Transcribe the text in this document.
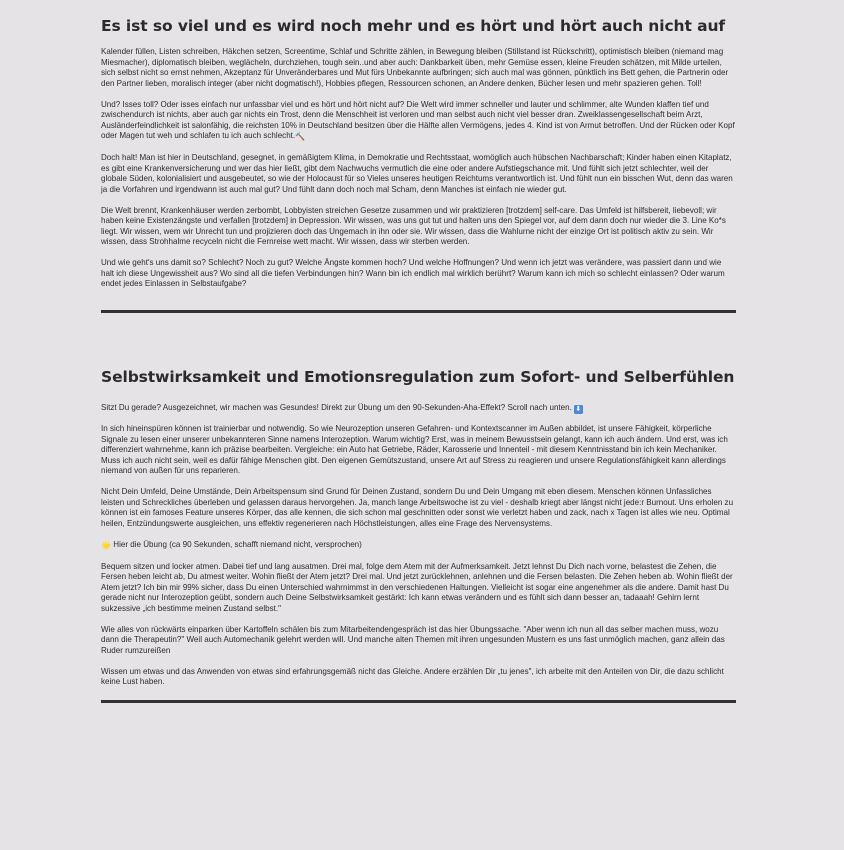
Es ist so viel und es wird noch mehr und es hört und hört auch nicht auf

Kalender füllen, Listen schreiben, Häkchen setzen, Screentime, Schlaf und Schritte zählen, in Bewegung bleiben (Stillstand ist Rückschritt), optimistisch bleiben (niemand mag Miesmacher), diplomatisch bleiben, weglächeln, durchziehen, tough sein..und aber auch: Dankbarkeit üben, mehr Gemüse essen, kleine Freuden schätzen, mit Milde urteilen, sich selbst nicht so ernst nehmen, Akzeptanz für Unveränderbares und Mut fürs Unbekannte aufbringen; sich auch mal was gönnen, pünktlich ins Bett gehen, die Partnerin oder den Partner lieben, moralisch integer (aber nicht dogmatisch!), Hobbies pflegen, Ressourcen schonen, an Andere denken, Bücher lesen und mehr spazieren gehen. Toll!

Und? Isses toll? Oder isses einfach nur unfassbar viel und es hört und hört nicht auf? Die Welt wird immer schneller und lauter und schlimmer, alte Wunden klaffen tief und zwischendurch ist nichts, aber auch gar nichts ein Trost, denn die Menschheit ist verloren und man selbst auch nicht viel besser dran. Zweiklassengesellschaft beim Arzt, Ausländerfeindlichkeit ist salonfähig, die reichsten 10% in Deutschland besitzen über die Hälfte allen Vermögens, jedes 4. Kind ist von Armut betroffen. Und der Rücken oder Kopf oder Magen tut weh und schlafen tu ich auch schlecht.🔨

Doch halt! Man ist hier in Deutschland, gesegnet, in gemäßigtem Klima, in Demokratie und Rechtsstaat, womöglich auch hübschen Nachbarschaft; Kinder haben einen Kitaplatz, es gibt eine Krankenversicherung und wer das hier ließt, gibt dem Nachwuchs vermutlich die eine oder andere Aufstiegschance mit. Und fühlt sich jetzt schlechter, weil der globale Süden, kolonialisiert und ausgebeutet, so wie der Holocaust für so Vieles unseres heutigen Reichtums verantwortlich ist. Und fühlt nun ein bisschen Wut, denn das waren ja die Vorfahren und irgendwann ist auch mal gut? Und fühlt dann doch noch mal Scham, denn Manches ist einfach nie wieder gut.

Die Welt brennt, Krankenhäuser werden zerbombt, Lobbyisten streichen Gesetze zusammen und wir praktizieren [trotzdem] self-care. Das Umfeld ist hilfsbereit, liebevoll; wir haben keine Existenzängste und verfallen [trotzdem] in Depression. Wir wissen, was uns gut tut und halten uns den Spiegel vor, auf dem dann doch nur wieder die 3. Line Ko*s liegt. Wir wissen, wem wir Unrecht tun und projizieren doch das Ungemach in ihn oder sie. Wir wissen, dass die Wahlurne nicht der einzige Ort ist politisch aktiv zu sein. Wir wissen, dass Strohhalme recyceln nicht die Fernreise wett macht. Wir wissen, dass wir sterben werden.

Und wie geht's uns damit so? Schlecht? Noch zu gut? Welche Ängste kommen hoch? Und welche Hoffnungen? Und wenn ich jetzt was verändere, was passiert dann und wie halt ich diese Ungewissheit aus? Wo sind all die tiefen Verbindungen hin? Wann bin ich endlich mal wirklich berührt? Warum kann ich mich so schlecht einlassen? Oder warum endet jedes Einlassen in Selbstaufgabe?

Selbstwirksamkeit und Emotionsregulation zum Sofort- und Selberfühlen

Sitzt Du gerade? Ausgezeichnet, wir machen was Gesundes! Direkt zur Übung um den 90-Sekunden-Aha-Effekt? Scroll nach unten. ⬇

In sich hineinspüren können ist trainierbar und notwendig. So wie Neurozeption unseren Gefahren- und Kontextscanner im Außen abbildet, ist unsere Fähigkeit, körperliche Signale zu lesen einer unserer unbekannteren Sinne namens Interozeption. Warum wichtig? Erst, was in meinem Bewusstsein gelangt, kann ich auch ändern. Und erst, was ich differenziert wahrnehme, kann ich präzise bearbeiten. Vergleiche: ein Auto hat Getriebe, Räder, Karosserie und Innenteil - mit diesem Kenntnisstand bin ich kein Mechaniker. Muss ich auch nicht sein, weil es dafür fähige Menschen gibt. Den eigenen Gemütszustand, unsere Art auf Stress zu reagieren und unsere Regulationsfähigkeit kann allerdings niemand von außen für uns reparieren.

Nicht Dein Umfeld, Deine Umstände, Dein Arbeitspensum sind Grund für Deinen Zustand, sondern Du und Dein Umgang mit eben diesem. Menschen können Unfassliches leisten und Schreckliches überleben und gelassen daraus hervorgehen. Ja, manch lange Arbeitswoche ist zu viel - deshalb kriegt aber längst nicht jede:r Burnout. Uns erholen zu können ist ein famoses Feature unseres Körper, das alle kennen, die sich schon mal geschnitten oder sonst wie verletzt haben und zack, nach x Tagen ist alles wie neu. Optimal heilen, Entzündungswerte ausgleichen, uns effektiv regenerieren nach Höchstleistungen, alles eine Frage des Nervensystems.

🌟 Hier die Übung (ca 90 Sekunden, schafft niemand nicht, versprochen)

Bequem sitzen und locker atmen. Dabei tief und lang ausatmen. Drei mal, folge dem Atem mit der Aufmerksamkeit. Jetzt lehnst Du Dich nach vorne, belastest die Zehen, die Fersen heben leicht ab, Du atmest weiter. Wohin fließt der Atem jetzt? Drei mal. Und jetzt zurücklehnen, anlehnen und die Fersen belasten. Die Zehen heben ab. Wohin fließt der Atem jetzt? Ich bin mir 99% sicher, dass Du einen Unterschied wahrnimmst in den verschiedenen Haltungen. Vielleicht ist sogar eine angenehmer als die andere. Damit hast Du gerade nicht nur Interozeption geübt, sondern auch Deine Selbstwirksamkeit gestärkt: Ich kann etwas verändern und es fühlt sich dann besser an, tadaaah! Gehirn lernt sukzessive „ich bestimme meinen Zustand selbst."

Wie alles von rückwärts einparken über Kartoffeln schälen bis zum Mitarbeitendengespräch ist das hier Übungssache. "Aber wenn ich nun all das selber machen muss, wozu dann die Therapeutin?" Weil auch Automechanik gelehrt werden will. Und manche alten Themen mit ihren ungesunden Mustern es uns fast unmöglich machen, ganz allein das Ruder rumzureißen

Wissen um etwas und das Anwenden von etwas sind erfahrungsgemäß nicht das Gleiche. Andere erzählen Dir „tu jenes", ich arbeite mit den Anteilen von Dir, die dazu schlicht keine Lust haben.
